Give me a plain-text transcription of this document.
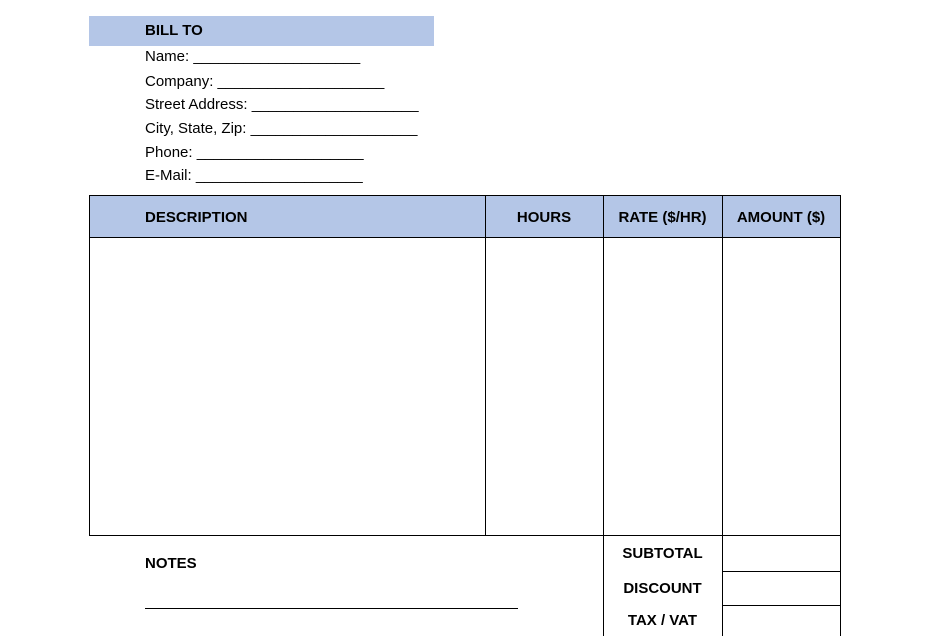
BILL TO
Name: ____________________
Company: ____________________
Street Address: ____________________
City, State, Zip: ____________________
Phone: ____________________
E-Mail: ____________________
DESCRIPTION	HOURS	RATE ($/HR)	AMOUNT ($)
NOTES
SUBTOTAL
DISCOUNT
TAX / VAT
